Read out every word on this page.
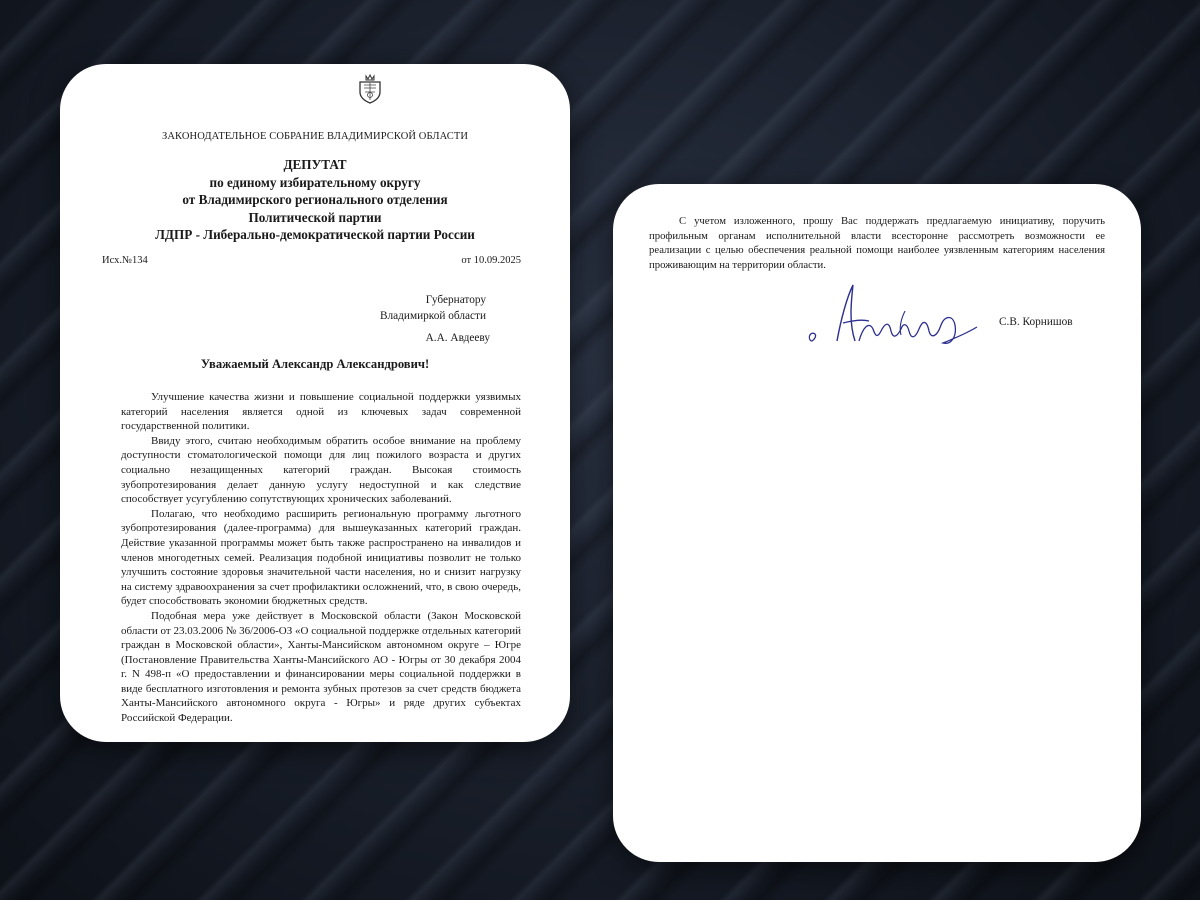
ЗАКОНОДАТЕЛЬНОЕ СОБРАНИЕ ВЛАДИМИРСКОЙ ОБЛАСТИ
ДЕПУТАТ
по единому избирательному округу
от Владимирского регионального отделения
Политической партии
ЛДПР - Либерально-демократической партии России
Исх.№134	от 10.09.2025
Губернатору
Владимиркой области
А.А. Авдееву
Уважаемый Александр Александрович!

Улучшение качества жизни и повышение социальной поддержки уязвимых категорий населения является одной из ключевых задач современной государственной политики.

Ввиду этого, считаю необходимым обратить особое внимание на проблему доступности стоматологической помощи для лиц пожилого возраста и других социально незащищенных категорий граждан. Высокая стоимость зубопротезирования делает данную услугу недоступной и как следствие способствует усугублению сопутствующих хронических заболеваний.

Полагаю, что необходимо расширить региональную программу льготного зубопротезирования (далее-программа) для вышеуказанных категорий граждан. Действие указанной программы может быть также распространено на инвалидов и членов многодетных семей. Реализация подобной инициативы позволит не только улучшить состояние здоровья значительной части населения, но и снизит нагрузку на систему здравоохранения за счет профилактики осложнений, что, в свою очередь, будет способствовать экономии бюджетных средств.

Подобная мера уже действует в Московской области (Закон Московской области от 23.03.2006 № 36/2006-ОЗ «О социальной поддержке отдельных категорий граждан в Московской области», Ханты-Мансийском автономном округе – Югре (Постановление Правительства Ханты-Мансийского АО - Югры от 30 декабря 2004 г. N 498-п «О предоставлении и финансировании меры социальной поддержки в виде бесплатного изготовления и ремонта зубных протезов за счет средств бюджета Ханты-Мансийского автономного округа - Югры» и ряде других субъектах Российской Федерации.

С учетом изложенного, прошу Вас поддержать предлагаемую инициативу, поручить профильным органам исполнительной власти всесторонне рассмотреть возможности ее реализации с целью обеспечения реальной помощи наиболее уязвленным категориям населения проживающим на территории области.

С.В. Корнишов
